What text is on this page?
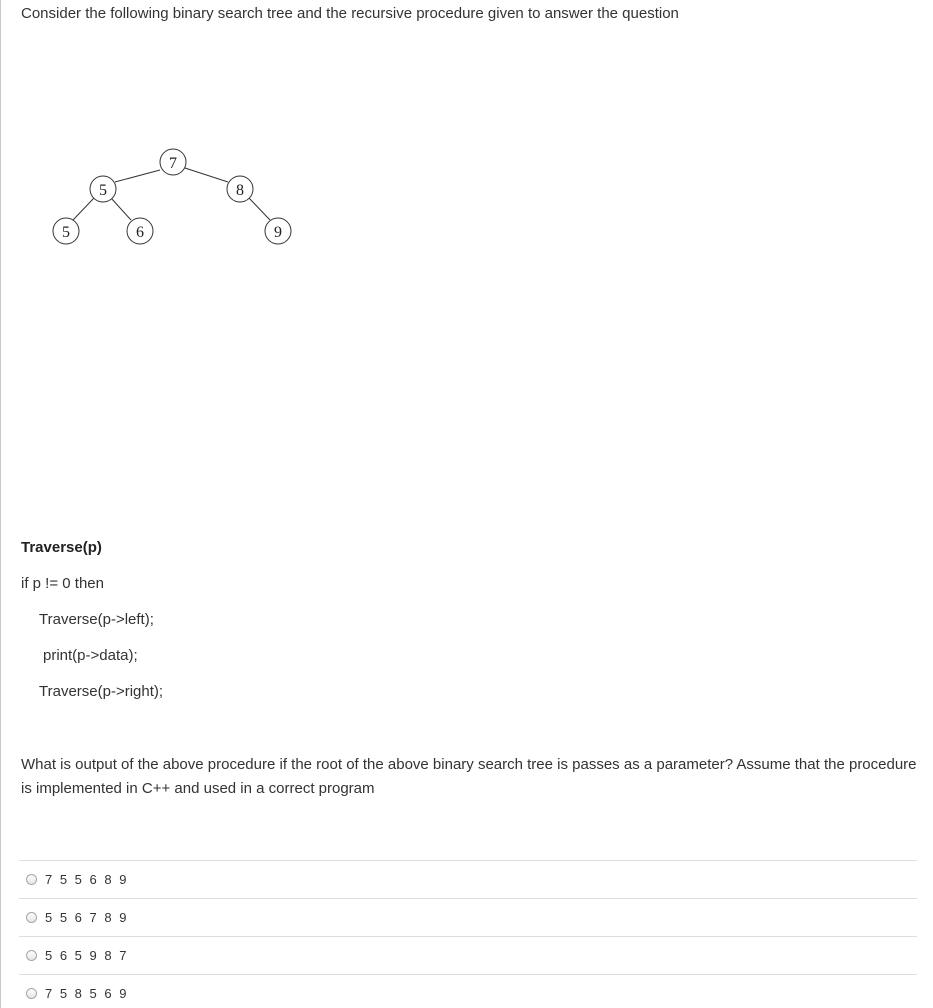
Consider the following binary search tree and the recursive procedure given to answer the question
7
5	8
5	6	9
Traverse(p)
if p != 0 then
Traverse(p->left);
print(p->data);
Traverse(p->right);
What is output of the above procedure if the root of the above binary search tree is passes as a parameter? Assume that the procedure is implemented in C++ and used in a correct program
7 5 5 6 8 9
5 5 6 7 8 9
5 6 5 9 8 7
7 5 8 5 6 9
